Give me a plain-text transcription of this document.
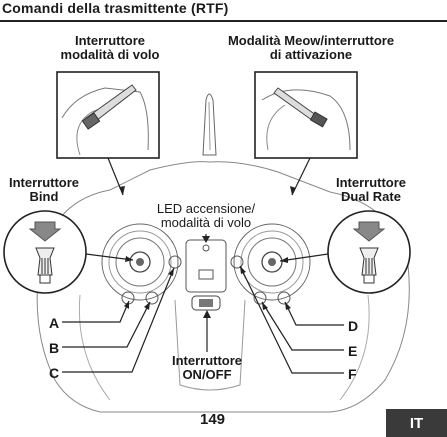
Comandi della trasmittente (RTF)
Interruttore
modalità di volo
Modalità Meow/interruttore
di attivazione
Interruttore
Bind
Interruttore
Dual Rate
LED accensione/
modalità di volo
Interruttore
ON/OFF
A
B
C
D
E
F
149	IT
